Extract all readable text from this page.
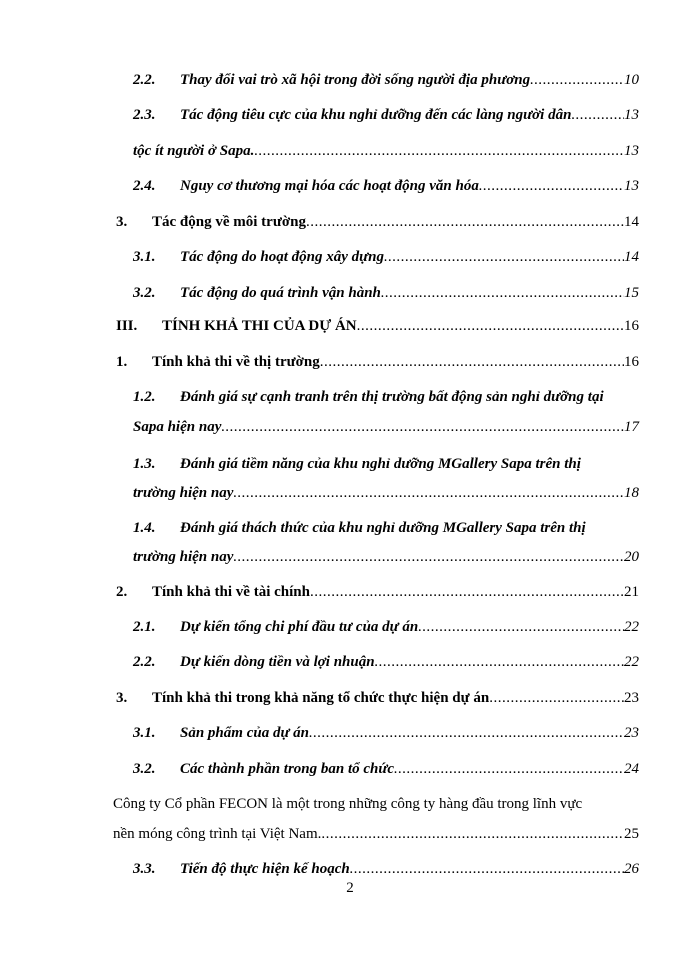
2.2. Thay đổi vai trò xã hội trong đời sống người địa phương .....	10
2.3. Tác động tiêu cực của khu nghỉ dưỡng đến các làng người dân .....	13
tộc ít người ở Sapa. .....	13
2.4. Nguy cơ thương mại hóa các hoạt động văn hóa .....	13
3. Tác động về môi trường .....	14
3.1. Tác động do hoạt động xây dựng .....	14
3.2. Tác động do quá trình vận hành .....	15
III. TÍNH KHẢ THI CỦA DỰ ÁN .....	16
1. Tính khả thi về thị trường .....	16
1.2. Đánh giá sự cạnh tranh trên thị trường bất động sản nghỉ dưỡng tại
Sapa hiện nay .....	17
1.3. Đánh giá tiềm năng của khu nghỉ dưỡng MGallery Sapa trên thị
trường hiện nay .....	18
1.4. Đánh giá thách thức của khu nghỉ dưỡng MGallery Sapa trên thị
trường hiện nay .....	20
2. Tính khả thi về tài chính .....	21
2.1. Dự kiến tổng chi phí đầu tư của dự án .....	22
2.2. Dự kiến dòng tiền và lợi nhuận .....	22
3. Tính khả thi trong khả năng tổ chức thực hiện dự án .....	23
3.1. Sản phẩm của dự án .....	23
3.2. Các thành phần trong ban tổ chức .....	24
Công ty Cổ phần FECON là một trong những công ty hàng đầu trong lĩnh vực
nền móng công trình tại Việt Nam. .....	25
3.3. Tiến độ thực hiện kế hoạch .....	26
2
